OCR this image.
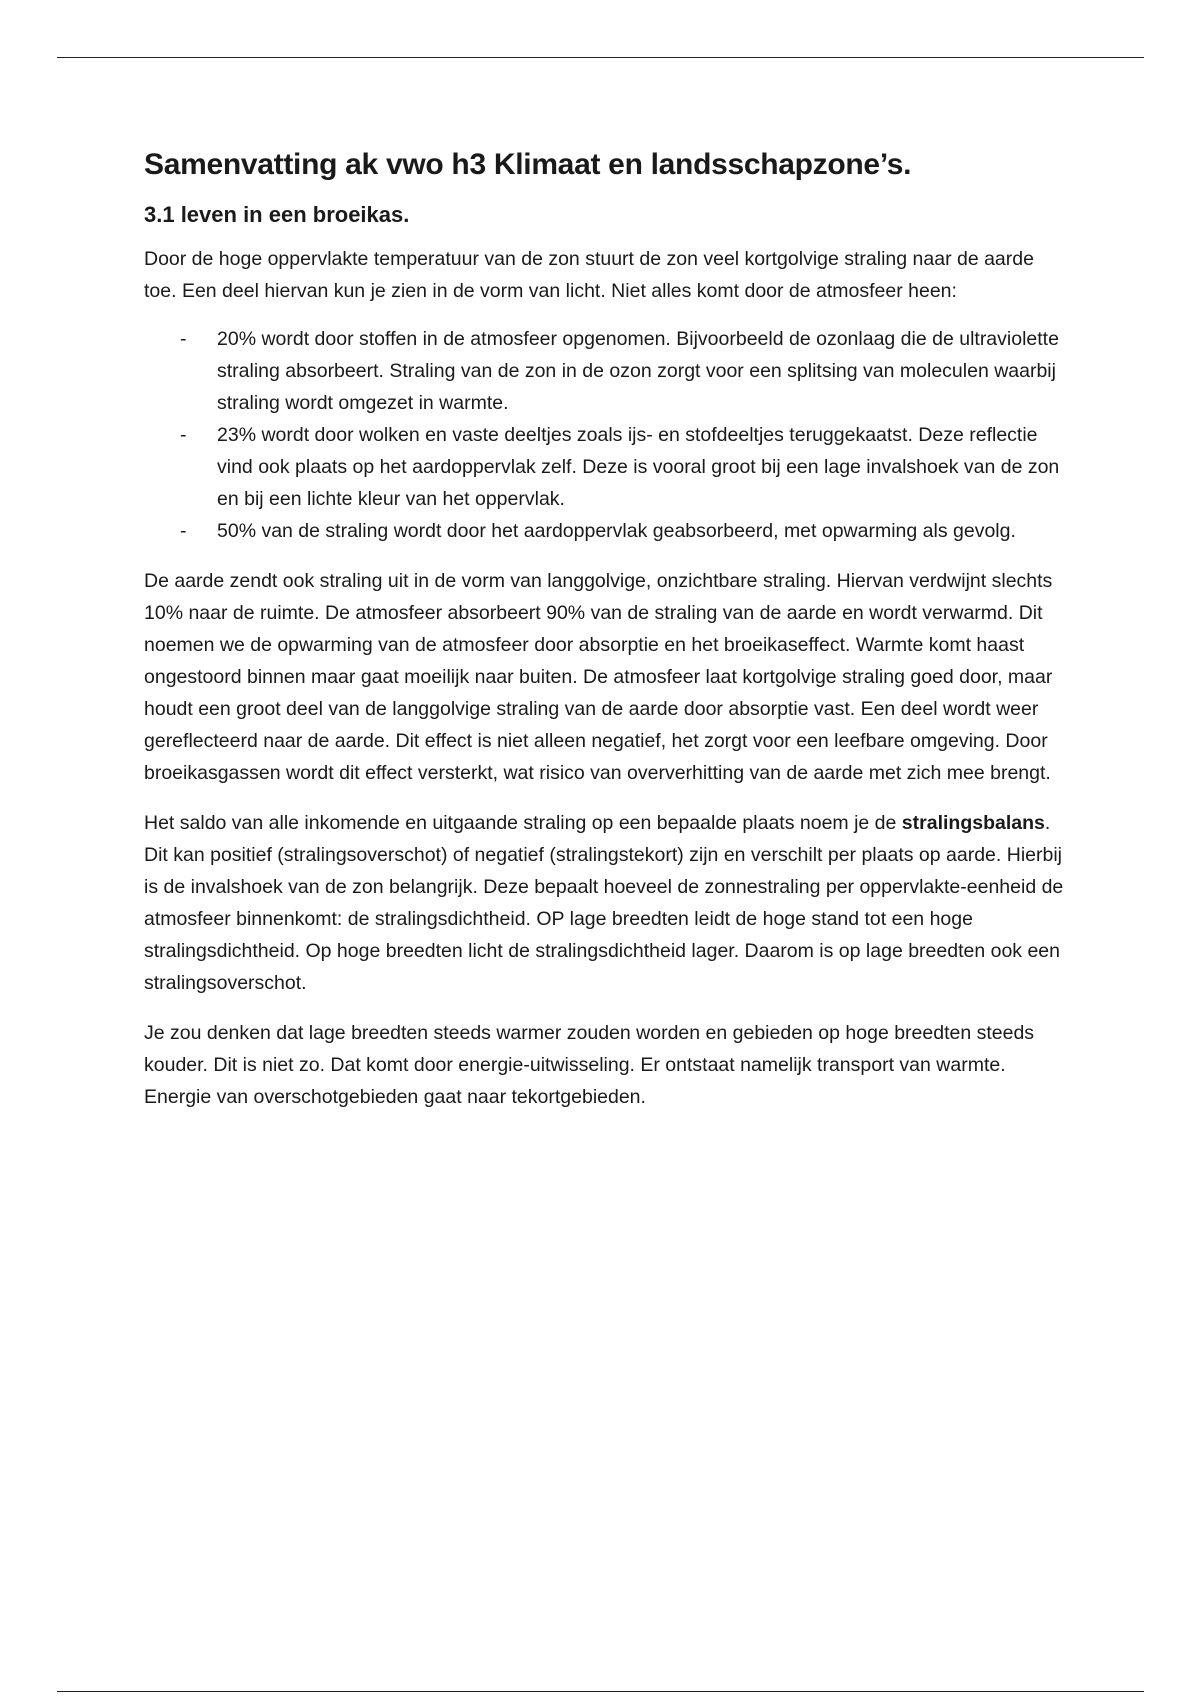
Samenvatting ak vwo h3 Klimaat en landsschapzone’s.
3.1 leven in een broeikas.

Door de hoge oppervlakte temperatuur van de zon stuurt de zon veel kortgolvige straling naar de aarde toe. Een deel hiervan kun je zien in de vorm van licht. Niet alles komt door de atmosfeer heen:

- 20% wordt door stoffen in de atmosfeer opgenomen. Bijvoorbeeld de ozonlaag die de ultraviolette straling absorbeert. Straling van de zon in de ozon zorgt voor een splitsing van moleculen waarbij straling wordt omgezet in warmte.
- 23% wordt door wolken en vaste deeltjes zoals ijs- en stofdeeltjes teruggekaatst. Deze reflectie vind ook plaats op het aardoppervlak zelf. Deze is vooral groot bij een lage invalshoek van de zon en bij een lichte kleur van het oppervlak.
- 50% van de straling wordt door het aardoppervlak geabsorbeerd, met opwarming als gevolg.

De aarde zendt ook straling uit in de vorm van langgolvige, onzichtbare straling. Hiervan verdwijnt slechts 10% naar de ruimte. De atmosfeer absorbeert 90% van de straling van de aarde en wordt verwarmd. Dit noemen we de opwarming van de atmosfeer door absorptie en het broeikaseffect. Warmte komt haast ongestoord binnen maar gaat moeilijk naar buiten. De atmosfeer laat kortgolvige straling goed door, maar houdt een groot deel van de langgolvige straling van de aarde door absorptie vast. Een deel wordt weer gereflecteerd naar de aarde. Dit effect is niet alleen negatief, het zorgt voor een leefbare omgeving. Door broeikasgassen wordt dit effect versterkt, wat risico van oververhitting van de aarde met zich mee brengt.

Het saldo van alle inkomende en uitgaande straling op een bepaalde plaats noem je de stralingsbalans. Dit kan positief (stralingsoverschot) of negatief (stralingstekort) zijn en verschilt per plaats op aarde. Hierbij is de invalshoek van de zon belangrijk. Deze bepaalt hoeveel de zonnestraling per oppervlakte-eenheid de atmosfeer binnenkomt: de stralingsdichtheid. OP lage breedten leidt de hoge stand tot een hoge stralingsdichtheid. Op hoge breedten licht de stralingsdichtheid lager. Daarom is op lage breedten ook een stralingsoverschot.

Je zou denken dat lage breedten steeds warmer zouden worden en gebieden op hoge breedten steeds kouder. Dit is niet zo. Dat komt door energie-uitwisseling. Er ontstaat namelijk transport van warmte. Energie van overschotgebieden gaat naar tekortgebieden.
